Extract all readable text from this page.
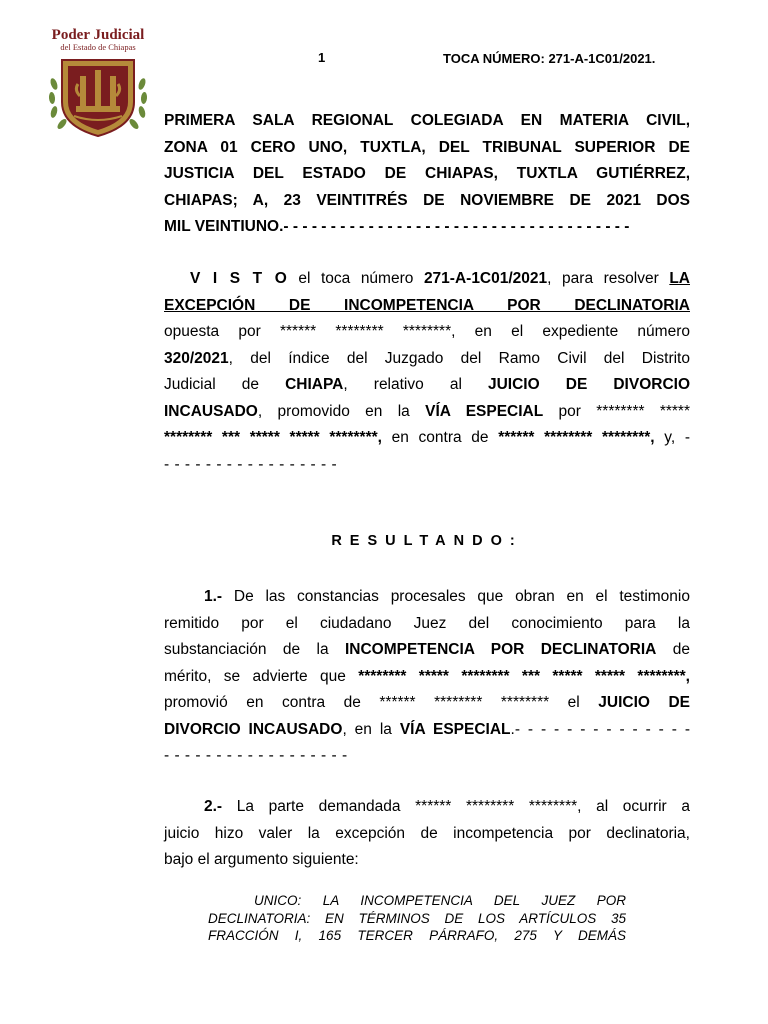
Poder Judicial
del Estado de Chiapas
1	TOCA NÚMERO: 271-A-1C01/2021.
PRIMERA SALA REGIONAL COLEGIADA EN MATERIA CIVIL,
ZONA 01 CERO UNO, TUXTLA, DEL TRIBUNAL SUPERIOR DE
JUSTICIA DEL ESTADO DE CHIAPAS, TUXTLA GUTIÉRREZ,
CHIAPAS; A, 23 VEINTITRÉS DE NOVIEMBRE DE 2021 DOS
MIL VEINTIUNO.- - - - - - - - - - - - - - - - - - - - - - - - - - - - - - - - - - - - -
V I S T O el toca número 271-A-1C01/2021, para resolver LA
EXCEPCIÓN DE INCOMPETENCIA POR DECLINATORIA
opuesta por ****** ******** ********, en el expediente número
320/2021, del índice del Juzgado del Ramo Civil del Distrito
Judicial de CHIAPA, relativo al JUICIO DE DIVORCIO
INCAUSADO, promovido en la VÍA ESPECIAL por ******** *****
******** *** ***** ***** ********, en contra de ****** ******** ********, y, -
- - - - - - - - - - - - - - - - -
RESULTANDO:
1.- De las constancias procesales que obran en el testimonio
remitido por el ciudadano Juez del conocimiento para la
substanciación de la INCOMPETENCIA POR DECLINATORIA de
mérito, se advierte que ******** ***** ******** *** ***** ***** ********,
promovió en contra de ****** ******** ******** el JUICIO DE
DIVORCIO INCAUSADO, en la VÍA ESPECIAL.- - - - - - - - - - - - - -
- - - - - - - - - - - - - - - - - -
2.- La parte demandada ****** ******** ********, al ocurrir a
juicio hizo valer la excepción de incompetencia por declinatoria,
bajo el argumento siguiente:
UNICO: LA INCOMPETENCIA DEL JUEZ POR
DECLINATORIA: EN TÉRMINOS DE LOS ARTÍCULOS 35
FRACCIÓN I, 165 TERCER PÁRRAFO, 275 Y DEMÁS
